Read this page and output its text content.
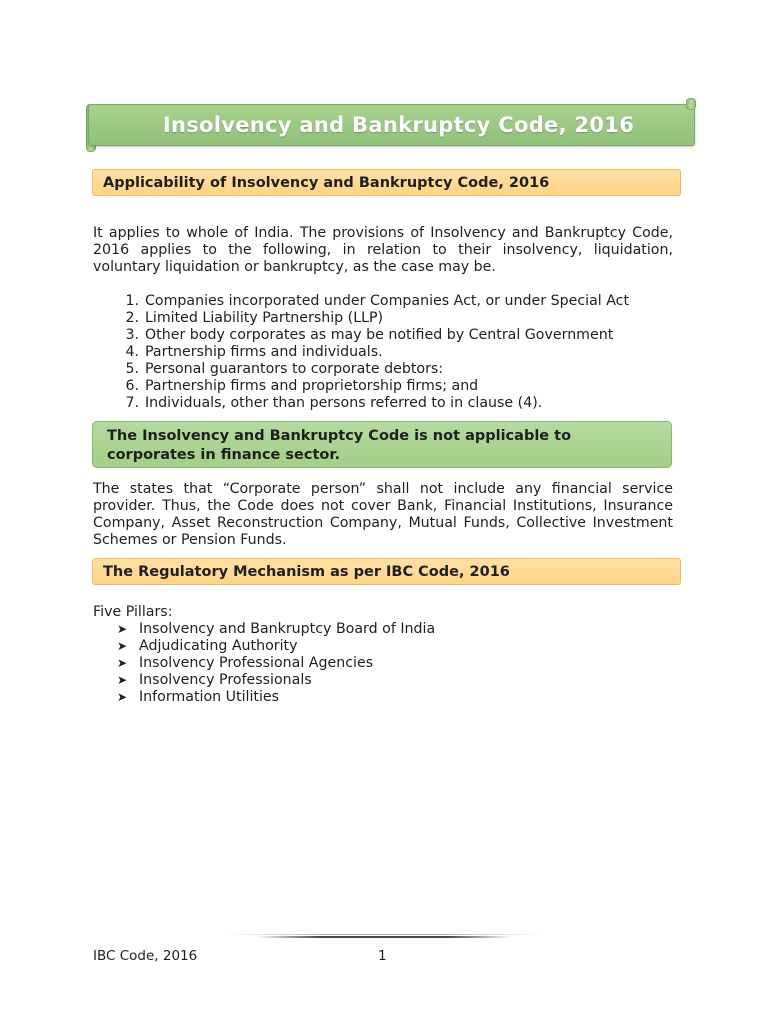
Insolvency and Bankruptcy Code, 2016
Applicability of Insolvency and Bankruptcy Code, 2016
It applies to whole of India. The provisions of Insolvency and Bankruptcy Code, 2016 applies to the following, in relation to their insolvency, liquidation, voluntary liquidation or bankruptcy, as the case may be.
1. Companies incorporated under Companies Act, or under Special Act
2. Limited Liability Partnership (LLP)
3. Other body corporates as may be notified by Central Government
4. Partnership firms and individuals.
5. Personal guarantors to corporate debtors:
6. Partnership firms and proprietorship firms; and
7. Individuals, other than persons referred to in clause (4).
The Insolvency and Bankruptcy Code is not applicable to corporates in finance sector.
The states that “Corporate person” shall not include any financial service provider. Thus, the Code does not cover Bank, Financial Institutions, Insurance Company, Asset Reconstruction Company, Mutual Funds, Collective Investment Schemes or Pension Funds.
The Regulatory Mechanism as per IBC Code, 2016
Five Pillars:
➤ Insolvency and Bankruptcy Board of India
➤ Adjudicating Authority
➤ Insolvency Professional Agencies
➤ Insolvency Professionals
➤ Information Utilities
IBC Code, 2016	1
